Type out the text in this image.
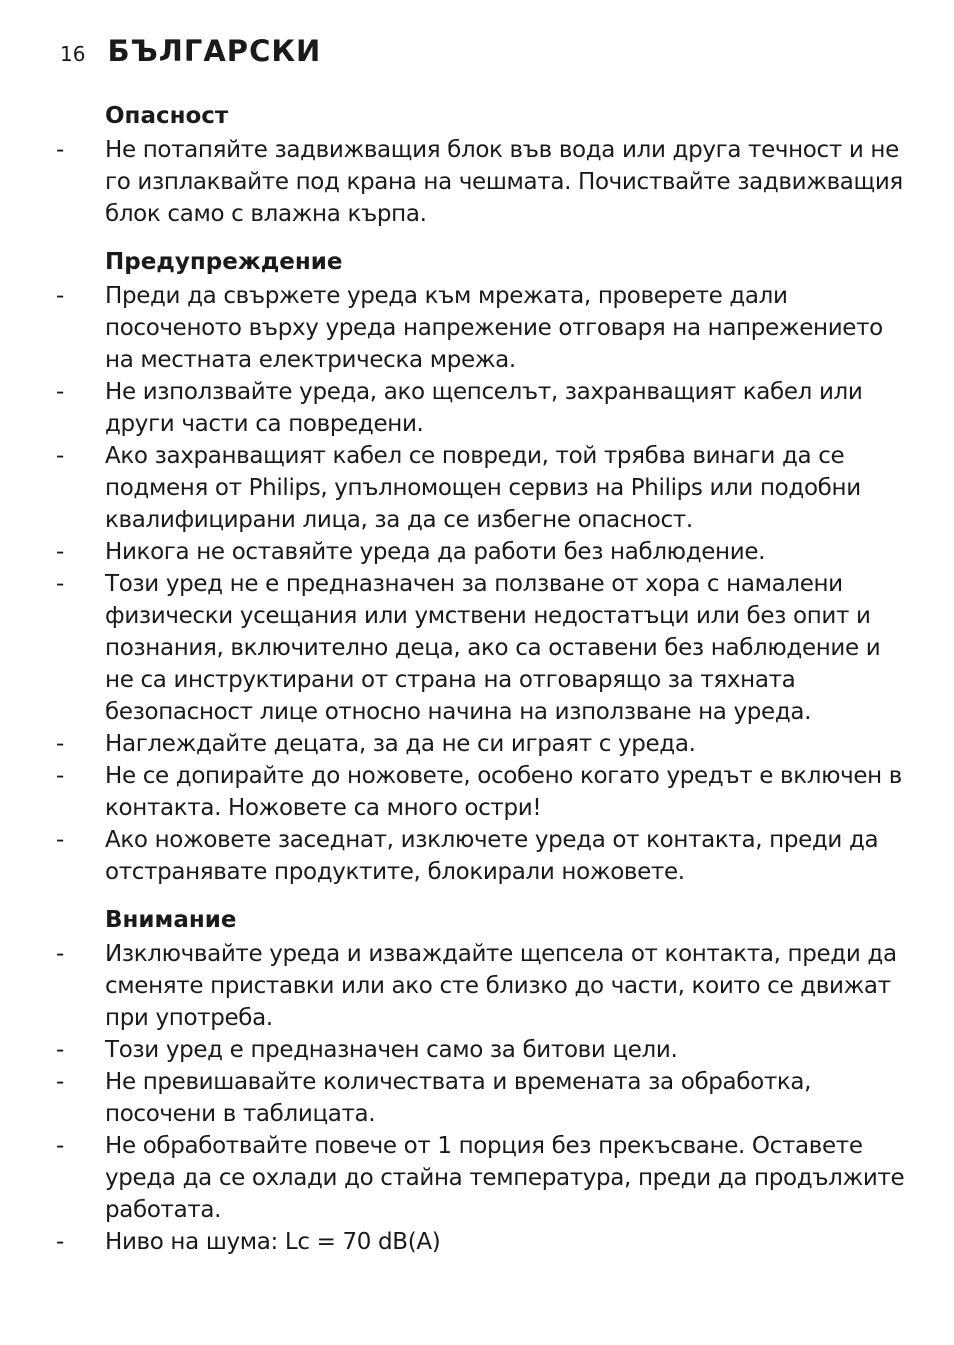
16 БЪЛГАРСКИ
Опасност
-	Не потапяйте задвижващия блок във вода или друга течност и не го изплаквайте под крана на чешмата. Почиствайте задвижващия блок само с влажна кърпа.
Предупреждение
-	Преди да свържете уреда към мрежата, проверете дали посоченото върху уреда напрежение отговаря на напрежението на местната електрическа мрежа.
-	Не използвайте уреда, ако щепселът, захранващият кабел или други части са повредени.
-	Ако захранващият кабел се повреди, той трябва винаги да се подменя от Philips, упълномощен сервиз на Philips или подобни квалифицирани лица, за да се избегне опасност.
-	Никога не оставяйте уреда да работи без наблюдение.
-	Този уред не е предназначен за ползване от хора с намалени физически усещания или умствени недостатъци или без опит и познания, включително деца, ако са оставени без наблюдение и не са инструктирани от страна на отговарящо за тяхната безопасност лице относно начина на използване на уреда.
-	Наглеждайте децата, за да не си играят с уреда.
-	Не се допирайте до ножовете, особено когато уредът е включен в контакта. Ножовете са много остри!
-	Ако ножовете заседнат, изключете уреда от контакта, преди да отстранявате продуктите, блокирали ножовете.
Внимание
-	Изключвайте уреда и изваждайте щепсела от контакта, преди да сменяте приставки или ако сте близко до части, които се движат при употреба.
-	Този уред е предназначен само за битови цели.
-	Не превишавайте количествата и времената за обработка, посочени в таблицата.
-	Не обработвайте повече от 1 порция без прекъсване. Оставете уреда да се охлади до стайна температура, преди да продължите работата.
-	Ниво на шума: Lc = 70 dB(A)
